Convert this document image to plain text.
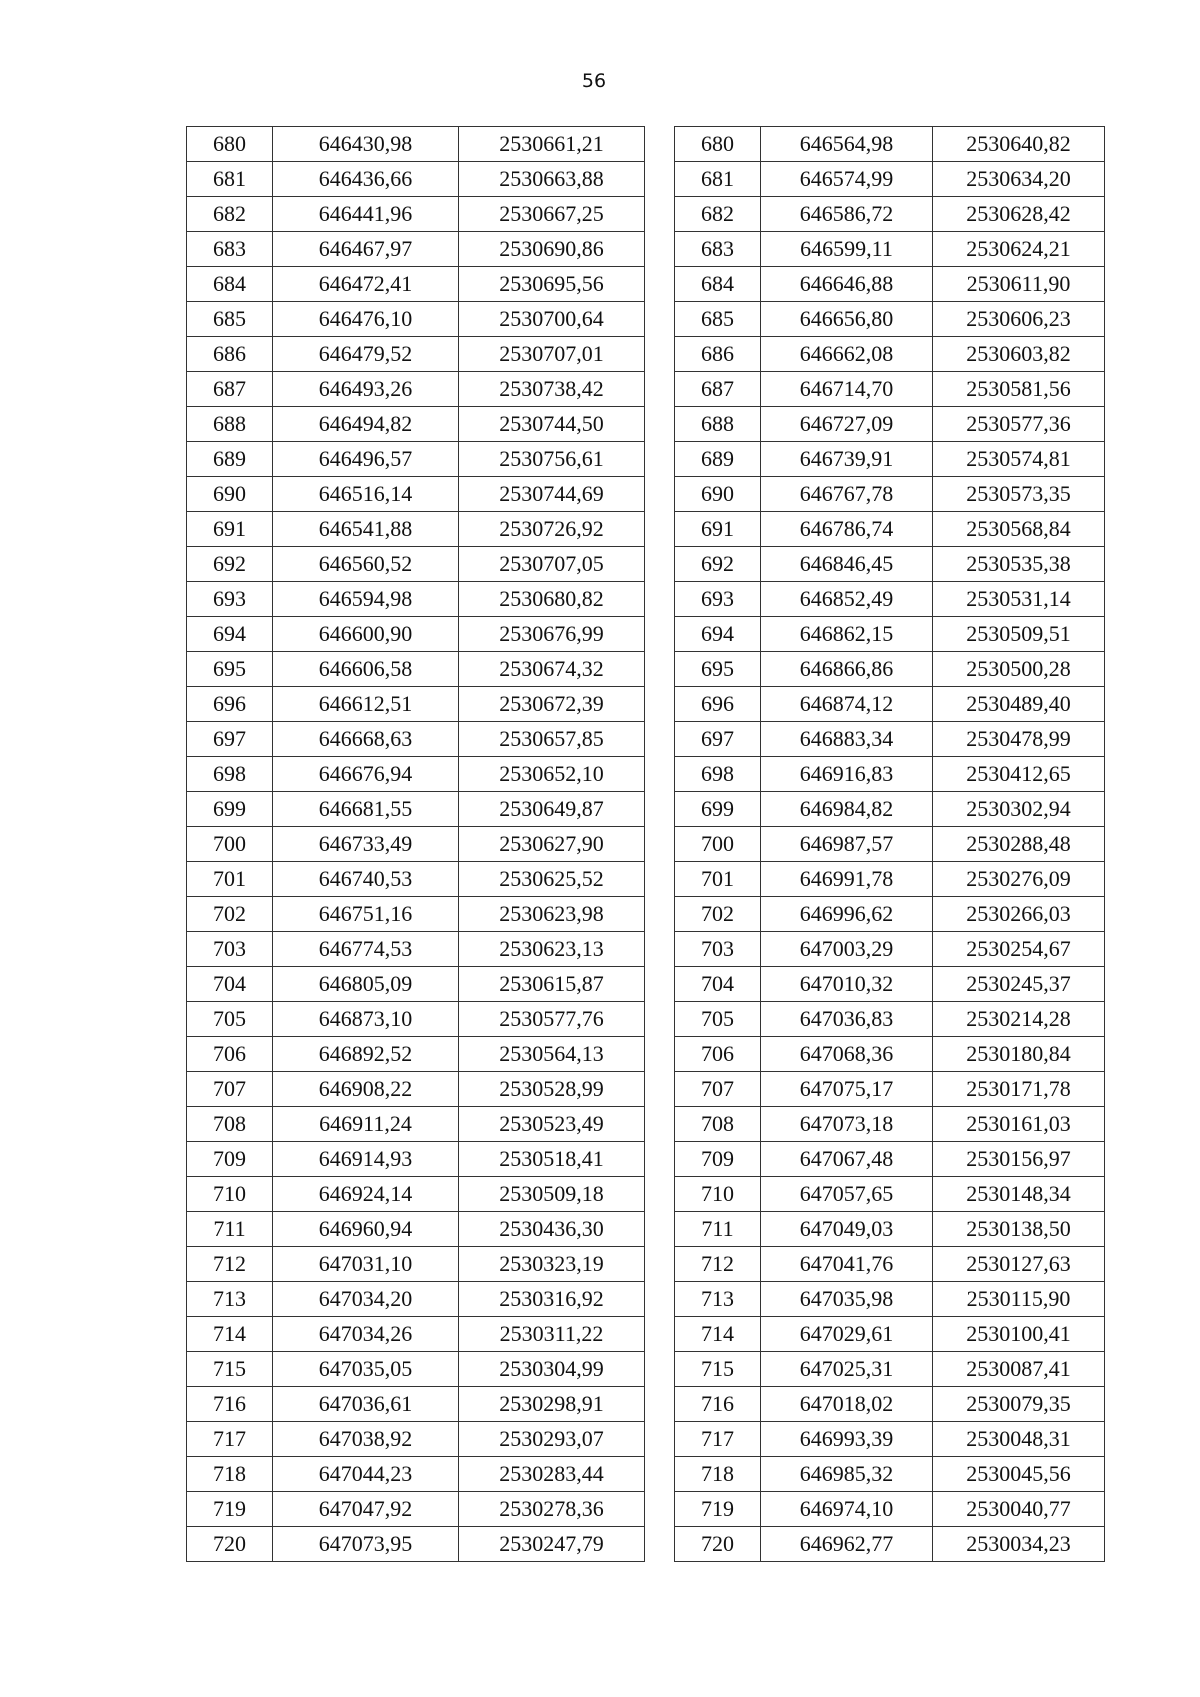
56
680	646430,98	2530661,21
681	646436,66	2530663,88
682	646441,96	2530667,25
683	646467,97	2530690,86
684	646472,41	2530695,56
685	646476,10	2530700,64
686	646479,52	2530707,01
687	646493,26	2530738,42
688	646494,82	2530744,50
689	646496,57	2530756,61
690	646516,14	2530744,69
691	646541,88	2530726,92
692	646560,52	2530707,05
693	646594,98	2530680,82
694	646600,90	2530676,99
695	646606,58	2530674,32
696	646612,51	2530672,39
697	646668,63	2530657,85
698	646676,94	2530652,10
699	646681,55	2530649,87
700	646733,49	2530627,90
701	646740,53	2530625,52
702	646751,16	2530623,98
703	646774,53	2530623,13
704	646805,09	2530615,87
705	646873,10	2530577,76
706	646892,52	2530564,13
707	646908,22	2530528,99
708	646911,24	2530523,49
709	646914,93	2530518,41
710	646924,14	2530509,18
711	646960,94	2530436,30
712	647031,10	2530323,19
713	647034,20	2530316,92
714	647034,26	2530311,22
715	647035,05	2530304,99
716	647036,61	2530298,91
717	647038,92	2530293,07
718	647044,23	2530283,44
719	647047,92	2530278,36
720	647073,95	2530247,79
680	646564,98	2530640,82
681	646574,99	2530634,20
682	646586,72	2530628,42
683	646599,11	2530624,21
684	646646,88	2530611,90
685	646656,80	2530606,23
686	646662,08	2530603,82
687	646714,70	2530581,56
688	646727,09	2530577,36
689	646739,91	2530574,81
690	646767,78	2530573,35
691	646786,74	2530568,84
692	646846,45	2530535,38
693	646852,49	2530531,14
694	646862,15	2530509,51
695	646866,86	2530500,28
696	646874,12	2530489,40
697	646883,34	2530478,99
698	646916,83	2530412,65
699	646984,82	2530302,94
700	646987,57	2530288,48
701	646991,78	2530276,09
702	646996,62	2530266,03
703	647003,29	2530254,67
704	647010,32	2530245,37
705	647036,83	2530214,28
706	647068,36	2530180,84
707	647075,17	2530171,78
708	647073,18	2530161,03
709	647067,48	2530156,97
710	647057,65	2530148,34
711	647049,03	2530138,50
712	647041,76	2530127,63
713	647035,98	2530115,90
714	647029,61	2530100,41
715	647025,31	2530087,41
716	647018,02	2530079,35
717	646993,39	2530048,31
718	646985,32	2530045,56
719	646974,10	2530040,77
720	646962,77	2530034,23
